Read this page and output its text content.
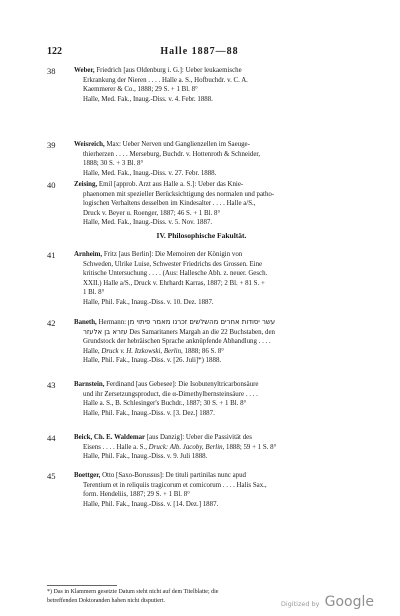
122	Halle 1887—88
38	Weber, Friedrich [aus Oldenburg i. G.]: Ueber leukaemische
Erkrankung der Nieren . . . . Halle a. S., Hofbuchdr. v. C. A.
Kaemmerer & Co., 1888; 29 S. + 1 Bl. 8°
Halle, Med. Fak., Inaug.-Diss. v. 4. Febr. 1888.
39	Weisreich, Max: Ueber Nerven und Ganglienzellen im Saeuge-
thierherzen . . . . Merseburg, Buchdr. v. Hottenroth & Schneider,
1888; 30 S. + 3 Bl. 8°
Halle, Med. Fak., Inaug.-Diss. v. 27. Febr. 1888.
40	Zeising, Emil [approb. Arzt aus Halle a. S.]: Ueber das Knie-
phaenomen mit spezieller Berücksichtigung des normalen und patho-
logischen Verhaltens desselben im Kindesalter . . . . Halle a/S.,
Druck v. Beyer u. Roenger, 1887; 46 S. + 1 Bl. 8°
Halle, Med. Fak., Inaug.-Diss. v. 5. Nov. 1887.
IV. Philosophische Fakultät.
41	Arnheim, Fritz [aus Berlin]: Die Memoiren der Königin von
Schweden, Ulrike Luise, Schwester Friedrichs des Grossen. Eine
kritische Untersuchung . . . . (Aus: Hallesche Abh. z. neuer. Gesch.
XXII.) Halle a/S., Druck v. Ehrhardt Karras, 1887; 2 Bl. + 81 S. +
1 Bl. 8°
Halle, Phil. Fak., Inaug.-Diss. v. 10. Dez. 1887.
42	Baneth, Hermann: עשר יסודות אחרים מהשלשים זכרנו מאמר פיתוי מן
עזרא בן אלעזר Des Samaritaners Margah an die 22 Buchstaben, den
Grundstock der hebräischen Sprache anknüpfende Abhandlung . . . .
Halle, Druck v. H. Itzkowski, Berlin, 1888; 86 S. 8°
Halle, Phil. Fak., Inaug.-Diss. v. [26. Juli]*) 1888.
43	Barnstein, Ferdinand [aus Gebesee]: Die Isobutenyltricarbonsäure
und ihr Zersetzungsproduct, die α-Dimethylbernsteinsäure . . . .
Halle a. S., B. Schlesinger's Buchdr., 1887; 30 S. + 1 Bl. 8°
Halle, Phil. Fak., Inaug.-Diss. v. [3. Dez.] 1887.
44	Beick, Ch. E. Waldemar [aus Danzig]: Ueber die Passivität des
Eisens . . . . Halle a. S., Druck: Alb. Jacoby, Berlin, 1888; 59 + 1 S. 8°
Halle, Phil. Fak., Inaug.-Diss. v. 9. Juli 1888.
45	Boettger, Otto [Saxo-Borussus]: De tituli partinilas nunc apud
Terentium et in reliquiis tragicorum et comicorum . . . . Halis Sax.,
form. Hendeliis, 1887; 29 S. + 1 Bl. 8°
Halle, Phil. Fak., Inaug.-Diss. v. [14. Dez.] 1887.
*) Das in Klammern gesetzte Datum steht nicht auf dem Titelblatte; die
betreffenden Doktoranden haben nicht disputiert.	Digitized by Google
